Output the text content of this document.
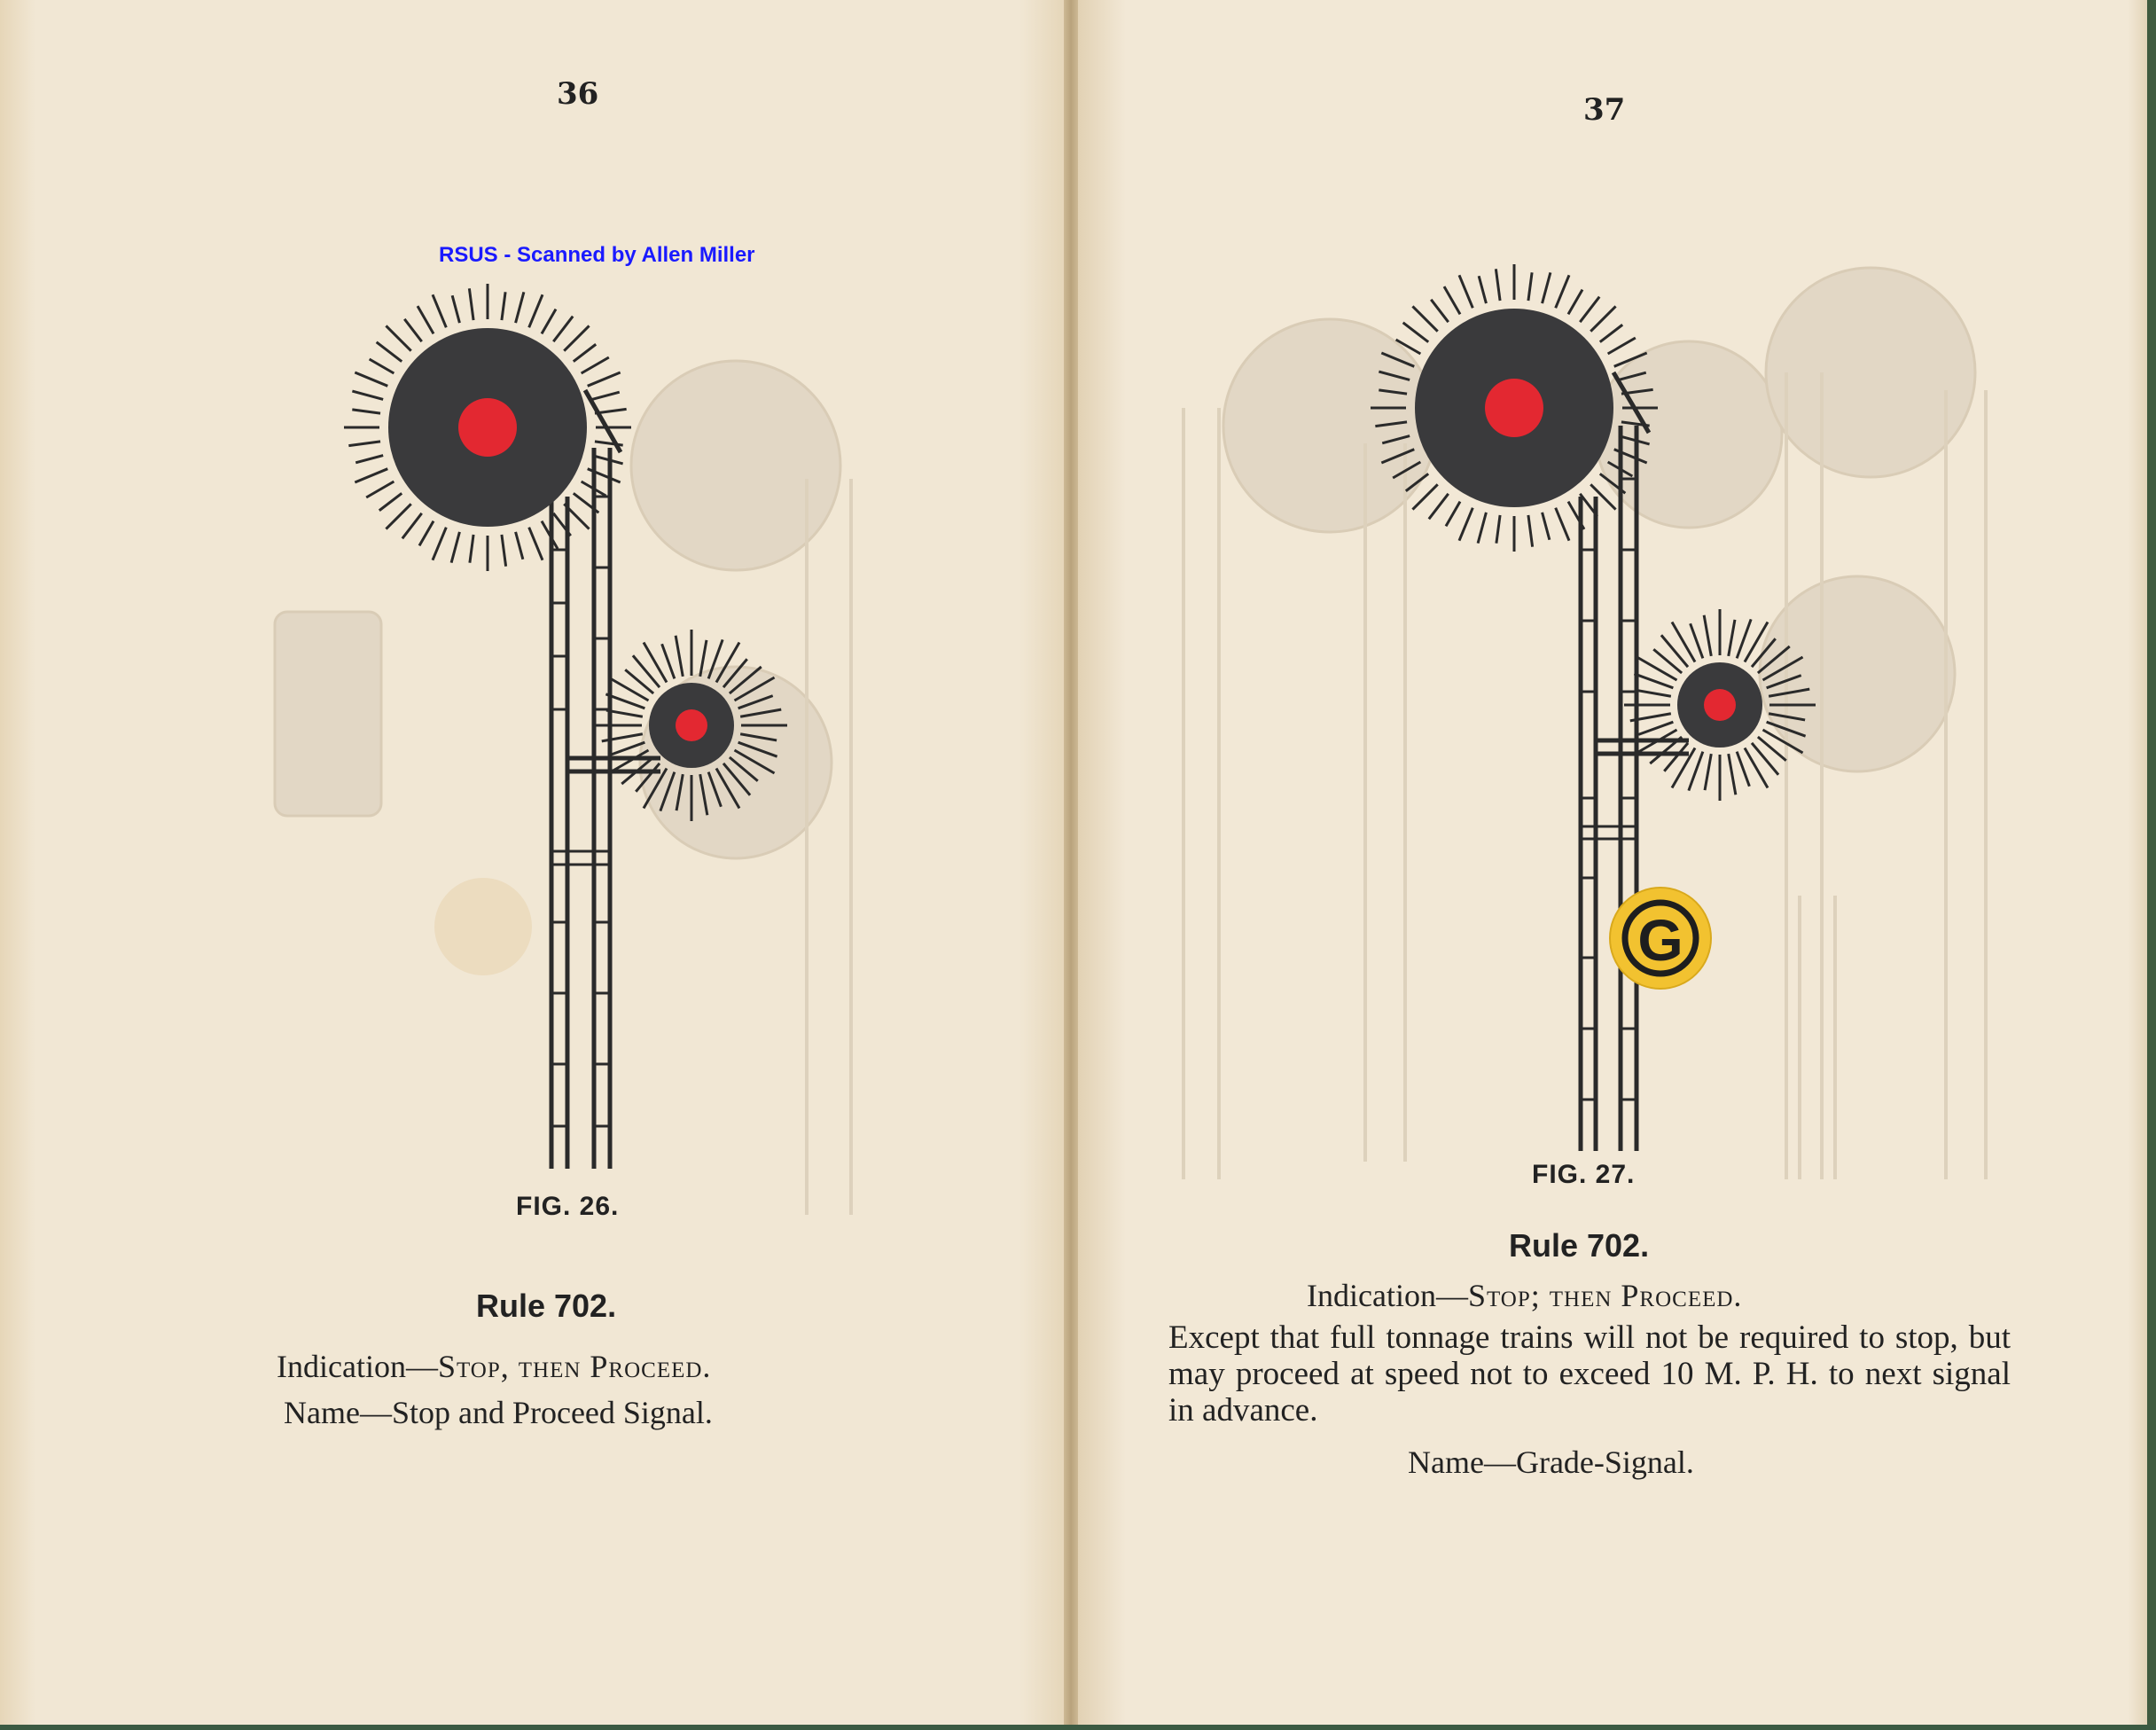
G
36
RSUS - Scanned by Allen Miller
FIG. 26.
Rule 702.
Indication—Stop, then Proceed.
Name—Stop and Proceed Signal.
37
FIG. 27.
Rule 702.
Indication—Stop; then Proceed.
Except that full tonnage trains will not be required to stop, but may proceed at speed not to exceed 10 M. P. H. to next signal in advance.
Name—Grade-Signal.
